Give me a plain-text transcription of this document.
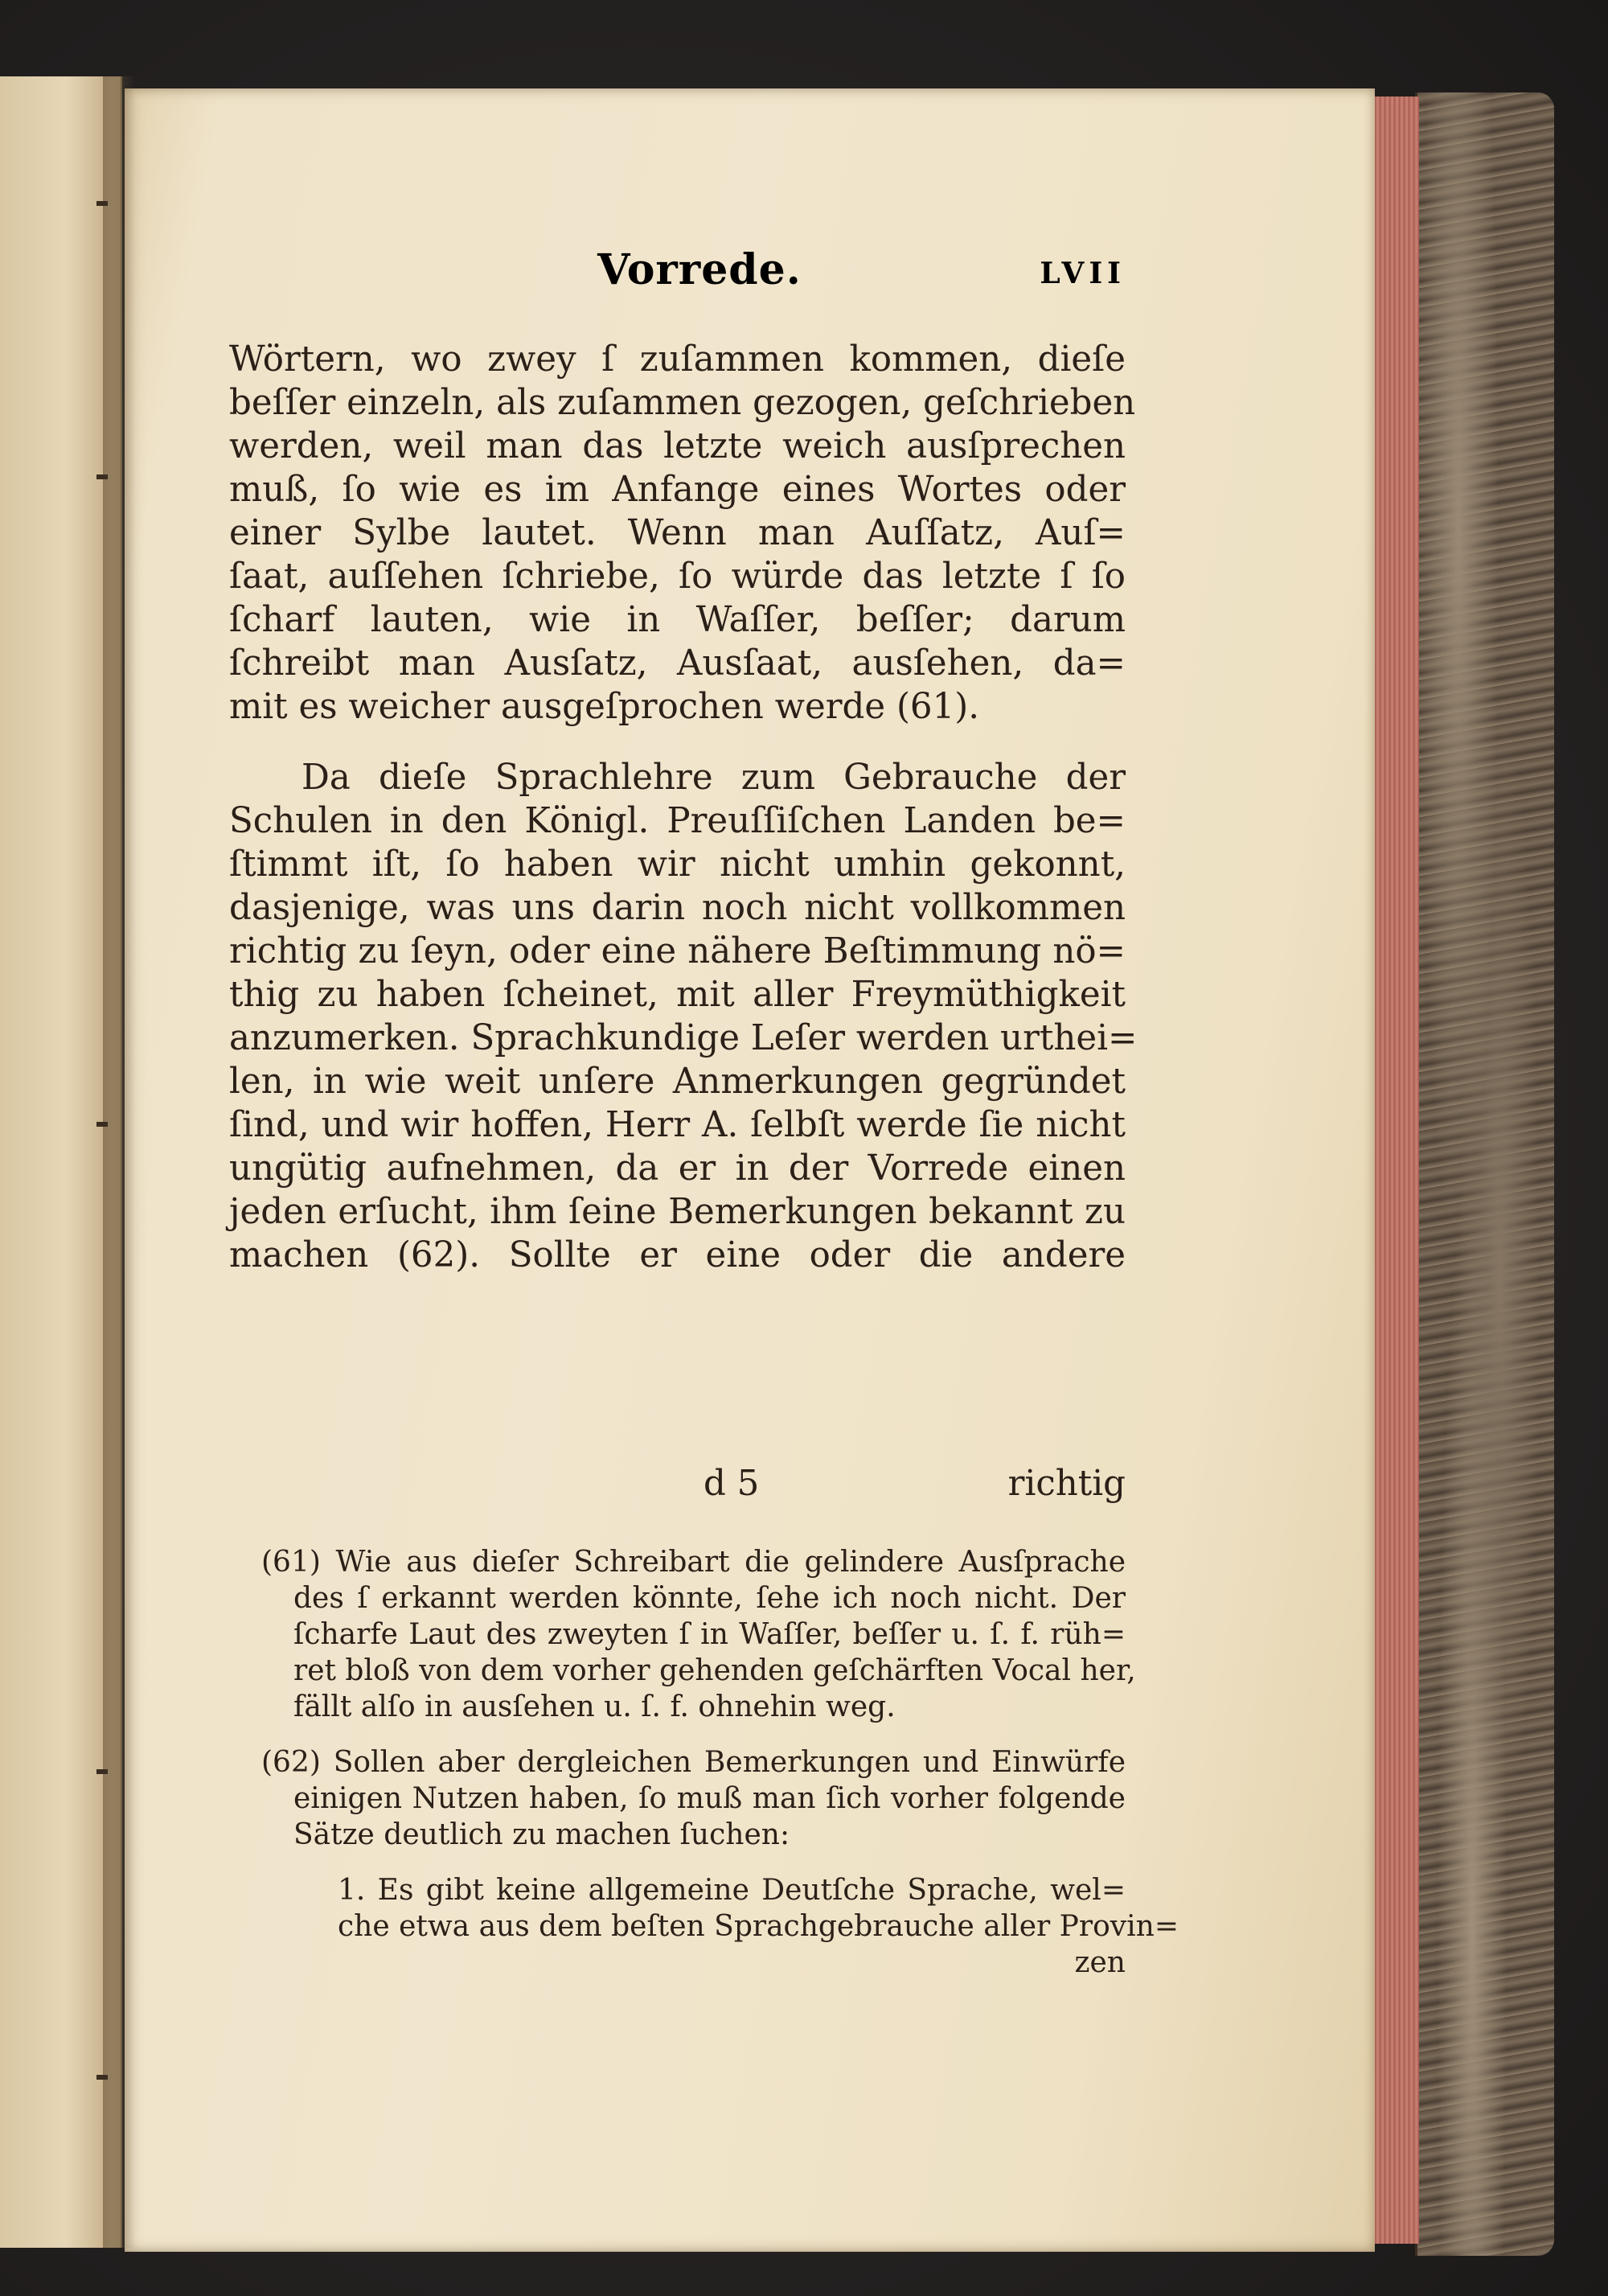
Vorrede.	LVII
Wörtern, wo zwey ſ zuſammen kommen, dieſe
beſſer einzeln, als zuſammen gezogen, geſchrieben
werden, weil man das letzte weich ausſprechen
muß, ſo wie es im Anfange eines Wortes oder
einer Sylbe lautet. Wenn man Auſſatz, Auſ=
ſaat, auſſehen ſchriebe, ſo würde das letzte ſ ſo
ſcharf lauten, wie in Waſſer, beſſer; darum
ſchreibt man Ausſatz, Ausſaat, ausſehen, da=
mit es weicher ausgeſprochen werde (61).
Da dieſe Sprachlehre zum Gebrauche der
Schulen in den Königl. Preuſſiſchen Landen be=
ſtimmt iſt, ſo haben wir nicht umhin gekonnt,
dasjenige, was uns darin noch nicht vollkommen
richtig zu ſeyn, oder eine nähere Beſtimmung nö=
thig zu haben ſcheinet, mit aller Freymüthigkeit
anzumerken. Sprachkundige Leſer werden urthei=
len, in wie weit unſere Anmerkungen gegründet
ſind, und wir hoffen, Herr A. ſelbſt werde ſie nicht
ungütig aufnehmen, da er in der Vorrede einen
jeden erſucht, ihm ſeine Bemerkungen bekannt zu
machen (62). Sollte er eine oder die andere
d 5	richtig
(61) Wie aus dieſer Schreibart die gelindere Ausſprache
des ſ erkannt werden könnte, ſehe ich noch nicht. Der
ſcharfe Laut des zweyten ſ in Waſſer, beſſer u. ſ. f. rüh=
ret bloß von dem vorher gehenden geſchärften Vocal her,
fällt alſo in ausſehen u. ſ. f. ohnehin weg.
(62) Sollen aber dergleichen Bemerkungen und Einwürfe
einigen Nutzen haben, ſo muß man ſich vorher folgende
Sätze deutlich zu machen ſuchen:
1. Es gibt keine allgemeine Deutſche Sprache, wel=
che etwa aus dem beſten Sprachgebrauche aller Provin=
zen
